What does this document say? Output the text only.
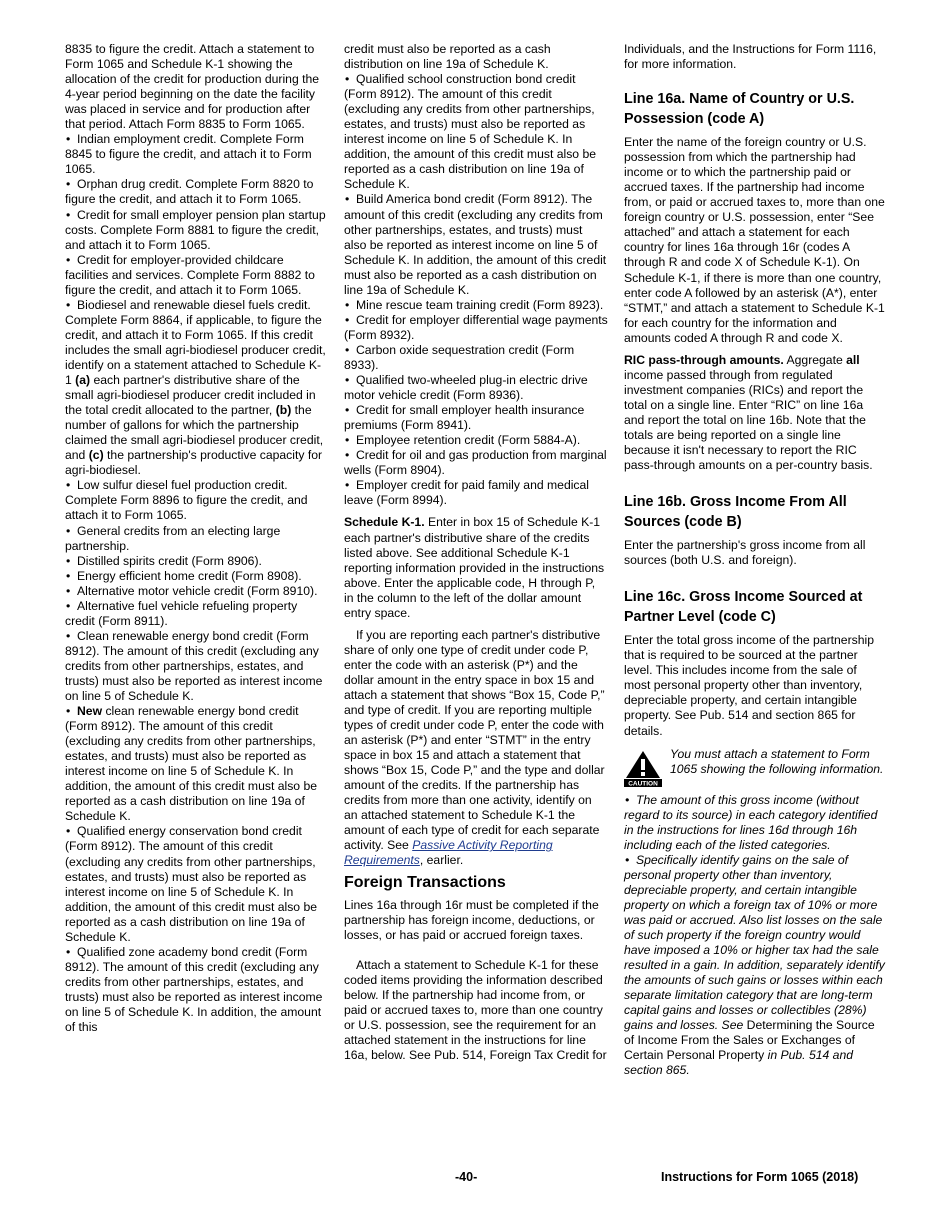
8835 to figure the credit. Attach a statement to Form 1065 and Schedule K-1 showing the allocation of the credit for production during the 4-year period beginning on the date the facility was placed in service and for production after that period. Attach Form 8835 to Form 1065.

• Indian employment credit. Complete Form 8845 to figure the credit, and attach it to Form 1065.

• Orphan drug credit. Complete Form 8820 to figure the credit, and attach it to Form 1065.

• Credit for small employer pension plan startup costs. Complete Form 8881 to figure the credit, and attach it to Form 1065.

• Credit for employer-provided childcare facilities and services. Complete Form 8882 to figure the credit, and attach it to Form 1065.

• Biodiesel and renewable diesel fuels credit. Complete Form 8864, if applicable, to figure the credit, and attach it to Form 1065. If this credit includes the small agri-biodiesel producer credit, identify on a statement attached to Schedule K-1 (a) each partner's distributive share of the small agri-biodiesel producer credit included in the total credit allocated to the partner, (b) the number of gallons for which the partnership claimed the small agri-biodiesel producer credit, and (c) the partnership's productive capacity for agri-biodiesel.

• Low sulfur diesel fuel production credit. Complete Form 8896 to figure the credit, and attach it to Form 1065.

• General credits from an electing large partnership.

• Distilled spirits credit (Form 8906).

• Energy efficient home credit (Form 8908).

• Alternative motor vehicle credit (Form 8910).

• Alternative fuel vehicle refueling property credit (Form 8911).

• Clean renewable energy bond credit (Form 8912). The amount of this credit (excluding any credits from other partnerships, estates, and trusts) must also be reported as interest income on line 5 of Schedule K.

• New clean renewable energy bond credit (Form 8912). The amount of this credit (excluding any credits from other partnerships, estates, and trusts) must also be reported as interest income on line 5 of Schedule K. In addition, the amount of this credit must also be reported as a cash distribution on line 19a of Schedule K.

• Qualified energy conservation bond credit (Form 8912). The amount of this credit (excluding any credits from other partnerships, estates, and trusts) must also be reported as interest income on line 5 of Schedule K. In addition, the amount of this credit must also be reported as a cash distribution on line 19a of Schedule K.

• Qualified zone academy bond credit (Form 8912). The amount of this credit (excluding any credits from other partnerships, estates, and trusts) must also be reported as interest income on line 5 of Schedule K. In addition, the amount of this

credit must also be reported as a cash distribution on line 19a of Schedule K.

• Qualified school construction bond credit (Form 8912). The amount of this credit (excluding any credits from other partnerships, estates, and trusts) must also be reported as interest income on line 5 of Schedule K. In addition, the amount of this credit must also be reported as a cash distribution on line 19a of Schedule K.

• Build America bond credit (Form 8912). The amount of this credit (excluding any credits from other partnerships, estates, and trusts) must also be reported as interest income on line 5 of Schedule K. In addition, the amount of this credit must also be reported as a cash distribution on line 19a of Schedule K.

• Mine rescue team training credit (Form 8923).

• Credit for employer differential wage payments (Form 8932).

• Carbon oxide sequestration credit (Form 8933).

• Qualified two-wheeled plug-in electric drive motor vehicle credit (Form 8936).

• Credit for small employer health insurance premiums (Form 8941).

• Employee retention credit (Form 5884-A).

• Credit for oil and gas production from marginal wells (Form 8904).

• Employer credit for paid family and medical leave (Form 8994).

Schedule K-1. Enter in box 15 of Schedule K-1 each partner's distributive share of the credits listed above. See additional Schedule K-1 reporting information provided in the instructions above. Enter the applicable code, H through P, in the column to the left of the dollar amount entry space.

If you are reporting each partner's distributive share of only one type of credit under code P, enter the code with an asterisk (P*) and the dollar amount in the entry space in box 15 and attach a statement that shows “Box 15, Code P,” and type of credit. If you are reporting multiple types of credit under code P, enter the code with an asterisk (P*) and enter “STMT” in the entry space in box 15 and attach a statement that shows “Box 15, Code P,” and the type and dollar amount of the credits. If the partnership has credits from more than one activity, identify on an attached statement to Schedule K-1 the amount of each type of credit for each separate activity. See Passive Activity Reporting Requirements, earlier.

Foreign Transactions

Lines 16a through 16r must be completed if the partnership has foreign income, deductions, or losses, or has paid or accrued foreign taxes.

Attach a statement to Schedule K-1 for these coded items providing the information described below. If the partnership had income from, or paid or accrued taxes to, more than one country or U.S. possession, see the requirement for an attached statement in the instructions for line 16a, below. See Pub. 514, Foreign Tax Credit for

Individuals, and the Instructions for Form 1116, for more information.

Line 16a. Name of Country or U.S. Possession (code A)

Enter the name of the foreign country or U.S. possession from which the partnership had income or to which the partnership paid or accrued taxes. If the partnership had income from, or paid or accrued taxes to, more than one foreign country or U.S. possession, enter “See attached” and attach a statement for each country for lines 16a through 16r (codes A through R and code X of Schedule K-1). On Schedule K-1, if there is more than one country, enter code A followed by an asterisk (A*), enter “STMT,” and attach a statement to Schedule K-1 for each country for the information and amounts coded A through R and code X.

RIC pass-through amounts. Aggregate all income passed through from regulated investment companies (RICs) and report the total on a single line. Enter “RIC” on line 16a and report the total on line 16b. Note that the totals are being reported on a single line because it isn't necessary to report the RIC pass-through amounts on a per-country basis.

Line 16b. Gross Income From All Sources (code B)

Enter the partnership's gross income from all sources (both U.S. and foreign).

Line 16c. Gross Income Sourced at Partner Level (code C)

Enter the total gross income of the partnership that is required to be sourced at the partner level. This includes income from the sale of most personal property other than inventory, depreciable property, and certain intangible property. See Pub. 514 and section 865 for details.

CAUTION
You must attach a statement to Form 1065 showing the following information.

• The amount of this gross income (without regard to its source) in each category identified in the instructions for lines 16d through 16h including each of the listed categories.

• Specifically identify gains on the sale of personal property other than inventory, depreciable property, and certain intangible property on which a foreign tax of 10% or more was paid or accrued. Also list losses on the sale of such property if the foreign country would have imposed a 10% or higher tax had the sale resulted in a gain. In addition, separately identify the amounts of such gains or losses within each separate limitation category that are long-term capital gains and losses or collectibles (28%) gains and losses. See Determining the Source of Income From the Sales or Exchanges of Certain Personal Property in Pub. 514 and section 865.

-40-	Instructions for Form 1065 (2018)
